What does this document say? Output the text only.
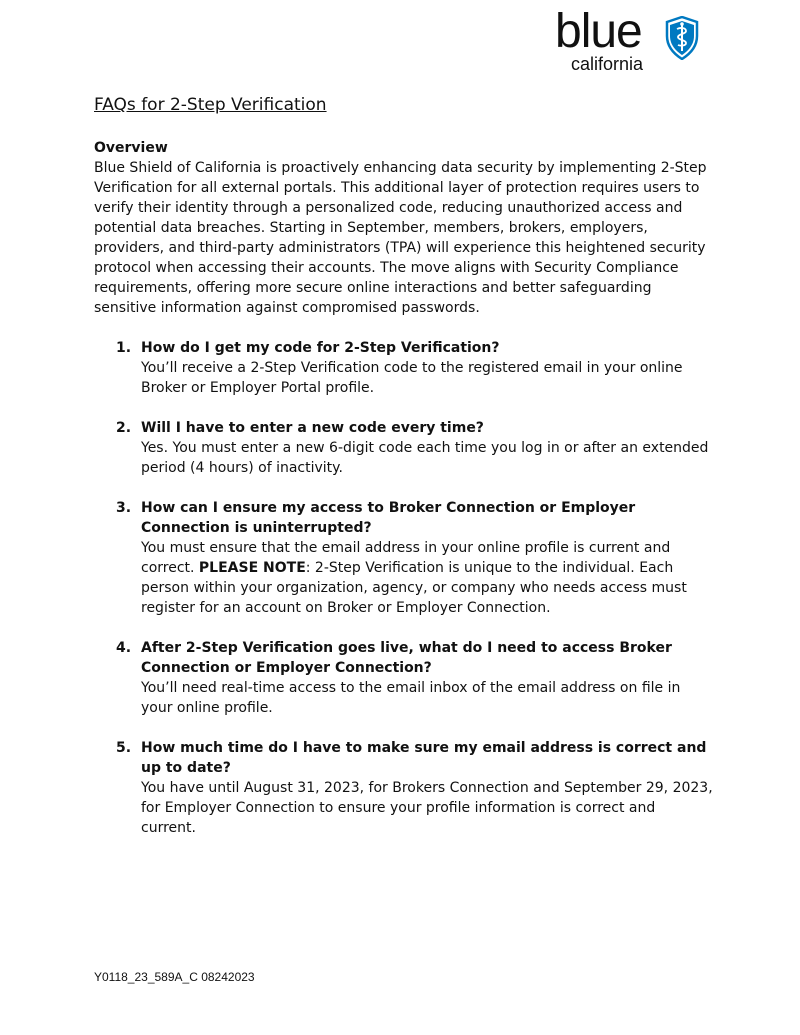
blue
california
FAQs for 2-Step Verification

Overview

Blue Shield of California is proactively enhancing data security by implementing 2-Step Verification for all external portals. This additional layer of protection requires users to verify their identity through a personalized code, reducing unauthorized access and potential data breaches. Starting in September, members, brokers, employers, providers, and third-party administrators (TPA) will experience this heightened security protocol when accessing their accounts. The move aligns with Security Compliance requirements, offering more secure online interactions and better safeguarding sensitive information against compromised passwords.

1. How do I get my code for 2-Step Verification?

You’ll receive a 2-Step Verification code to the registered email in your online Broker or Employer Portal profile.

2. Will I have to enter a new code every time?

Yes. You must enter a new 6-digit code each time you log in or after an extended period (4 hours) of inactivity.

3. How can I ensure my access to Broker Connection or Employer Connection is uninterrupted?

You must ensure that the email address in your online profile is current and correct. PLEASE NOTE: 2-Step Verification is unique to the individual. Each person within your organization, agency, or company who needs access must register for an account on Broker or Employer Connection.

4. After 2-Step Verification goes live, what do I need to access Broker Connection or Employer Connection?

You’ll need real-time access to the email inbox of the email address on file in your online profile.

5. How much time do I have to make sure my email address is correct and up to date?

You have until August 31, 2023, for Brokers Connection and September 29, 2023, for Employer Connection to ensure your profile information is correct and current.

Y0118_23_589A_C 08242023
